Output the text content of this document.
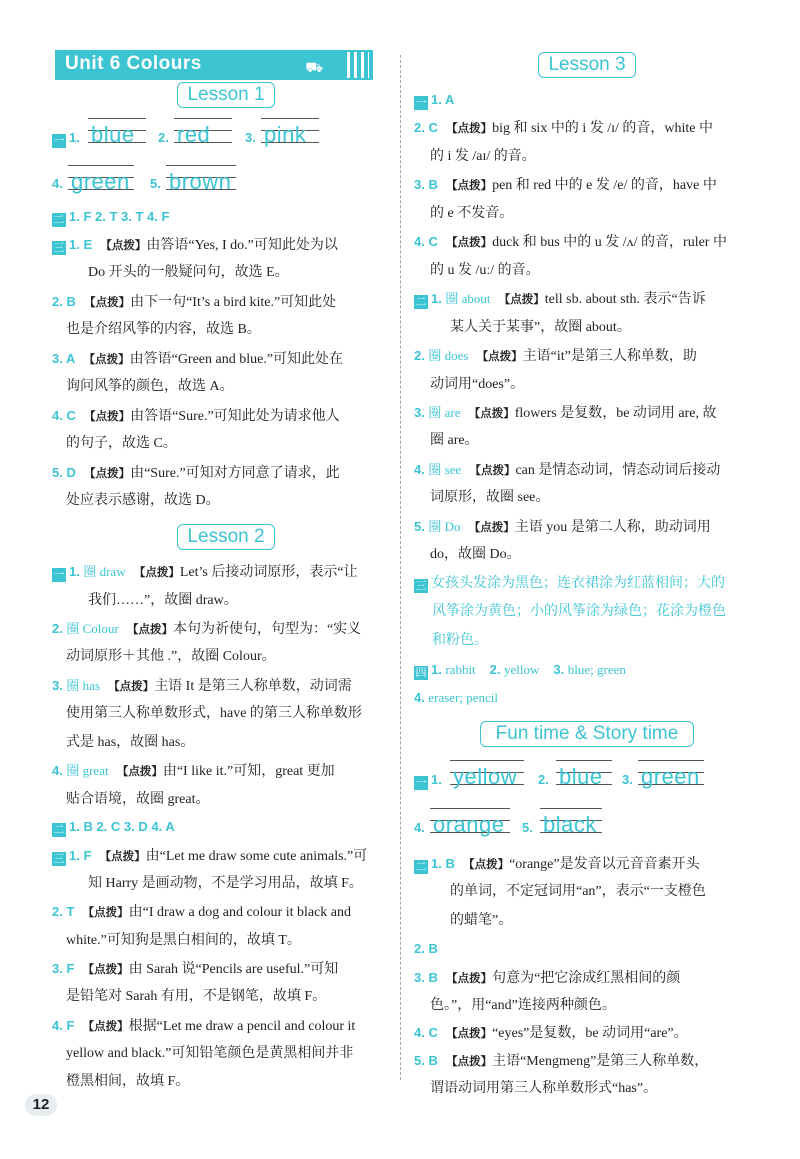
Unit 6 Colours	⛟
Lesson 1
一 1. blue 2. red	3. pink
4. green 5. brown
二 1. F 2. T 3. T 4. F
三 1. E　 【点拨】由答语“Yes, I do.”可知此处为以
Do 开头的一般疑问句，故选 E。
2. B　 【点拨】由下一句“It’s a bird kite.”可知此处
也是介绍风筝的内容，故选 B。
3. A　 【点拨】由答语“Green and blue.”可知此处在
询问风筝的颜色，故选 A。
4. C　 【点拨】由答语“Sure.”可知此处为请求他人
的句子，故选 C。
5. D　 【点拨】由“Sure.”可知对方同意了请求，此
处应表示感谢，故选 D。
Lesson 2
一 1. 圈 draw　 【点拨】Let’s 后接动词原形，表示“让
我们……”，故圈 draw。
2. 圈 Colour　 【点拨】本句为祈使句，句型为：“实义
动词原形＋其他 .”，故圈 Colour。
3. 圈 has　 【点拨】主语 It 是第三人称单数，动词需
使用第三人称单数形式，have 的第三人称单数形
式是 has，故圈 has。
4. 圈 great　 【点拨】由“I like it.”可知，great 更加
贴合语境，故圈 great。
二 1. B 2. C 3. D 4. A
三 1. F　 【点拨】由“Let me draw some cute animals.”可
知 Harry 是画动物，不是学习用品，故填 F。
2. T　 【点拨】由“I draw a dog and colour it black and
white.”可知狗是黑白相间的，故填 T。
3. F　 【点拨】由 Sarah 说“Pencils are useful.”可知
是铅笔对 Sarah 有用，不是钢笔，故填 F。
4. F　 【点拨】根据“Let me draw a pencil and colour it
yellow and black.”可知铅笔颜色是黄黑相间并非
橙黑相间，故填 F。
Lesson 3
一 1. A
2. C　 【点拨】big 和 six 中的 i 发 /ɪ/ 的音，white 中
的 i 发 /aɪ/ 的音。
3. B　 【点拨】pen 和 red 中的 e 发 /e/ 的音，have 中
的 e 不发音。
4. C　 【点拨】duck 和 bus 中的 u 发 /ʌ/ 的音，ruler 中
的 u 发 /uː/ 的音。
二 1. 圈 about　 【点拨】tell sb. about sth. 表示“告诉
某人关于某事”，故圈 about。
2. 圈 does　 【点拨】主语“it”是第三人称单数，助
动词用“does”。
3. 圈 are　 【点拨】flowers 是复数，be 动词用 are, 故
圈 are。
4. 圈 see　 【点拨】can 是情态动词，情态动词后接动
词原形，故圈 see。
5. 圈 Do　 【点拨】主语 you 是第二人称，助动词用
do，故圈 Do。
三 女孩头发涂为黑色；连衣裙涂为红蓝相间；大的
风筝涂为黄色；小的风筝涂为绿色；花涂为橙色
和粉色。
四 1. rabbit　 2. yellow　 3. blue; green
4. eraser; pencil
Fun time & Story time
一 1. yellow 2. blue 3. green
4. orange 5. black
二 1. B　 【点拨】“orange”是发音以元音音素开头
的单词，不定冠词用“an”，表示“一支橙色
的蜡笔”。
2. B
3. B　 【点拨】句意为“把它涂成红黑相间的颜
色。”，用“and”连接两种颜色。
4. C　 【点拨】“eyes”是复数，be 动词用“are”。
5. B　 【点拨】主语“Mengmeng”是第三人称单数，
谓语动词用第三人称单数形式“has”。
12
